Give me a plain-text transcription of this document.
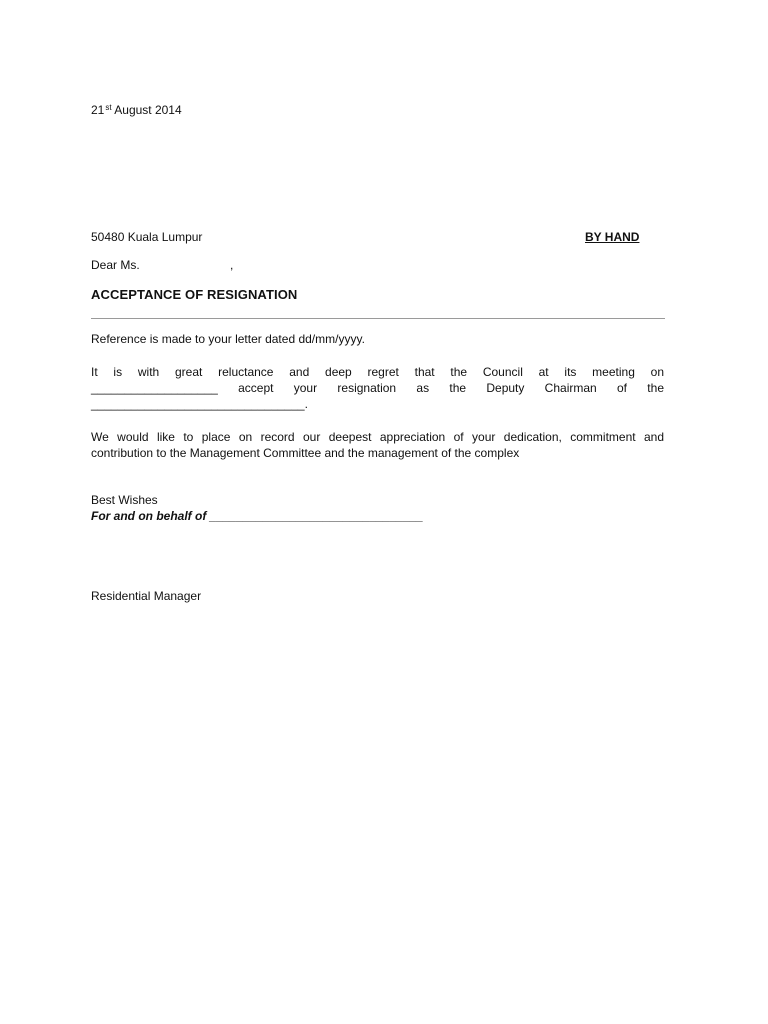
21st August 2014
50480 Kuala Lumpur	BY HAND
Dear Ms.	,
ACCEPTANCE OF RESIGNATION
Reference is made to your letter dated dd/mm/yyyy.
It is with great reluctance and deep regret that the Council at its meeting on
___________________ accept your resignation as the Deputy Chairman of the
________________________________.
We would like to place on record our deepest appreciation of your dedication, commitment and
contribution to the Management Committee and the management of the complex
Best Wishes
For and on behalf of ________________________________
Residential Manager
